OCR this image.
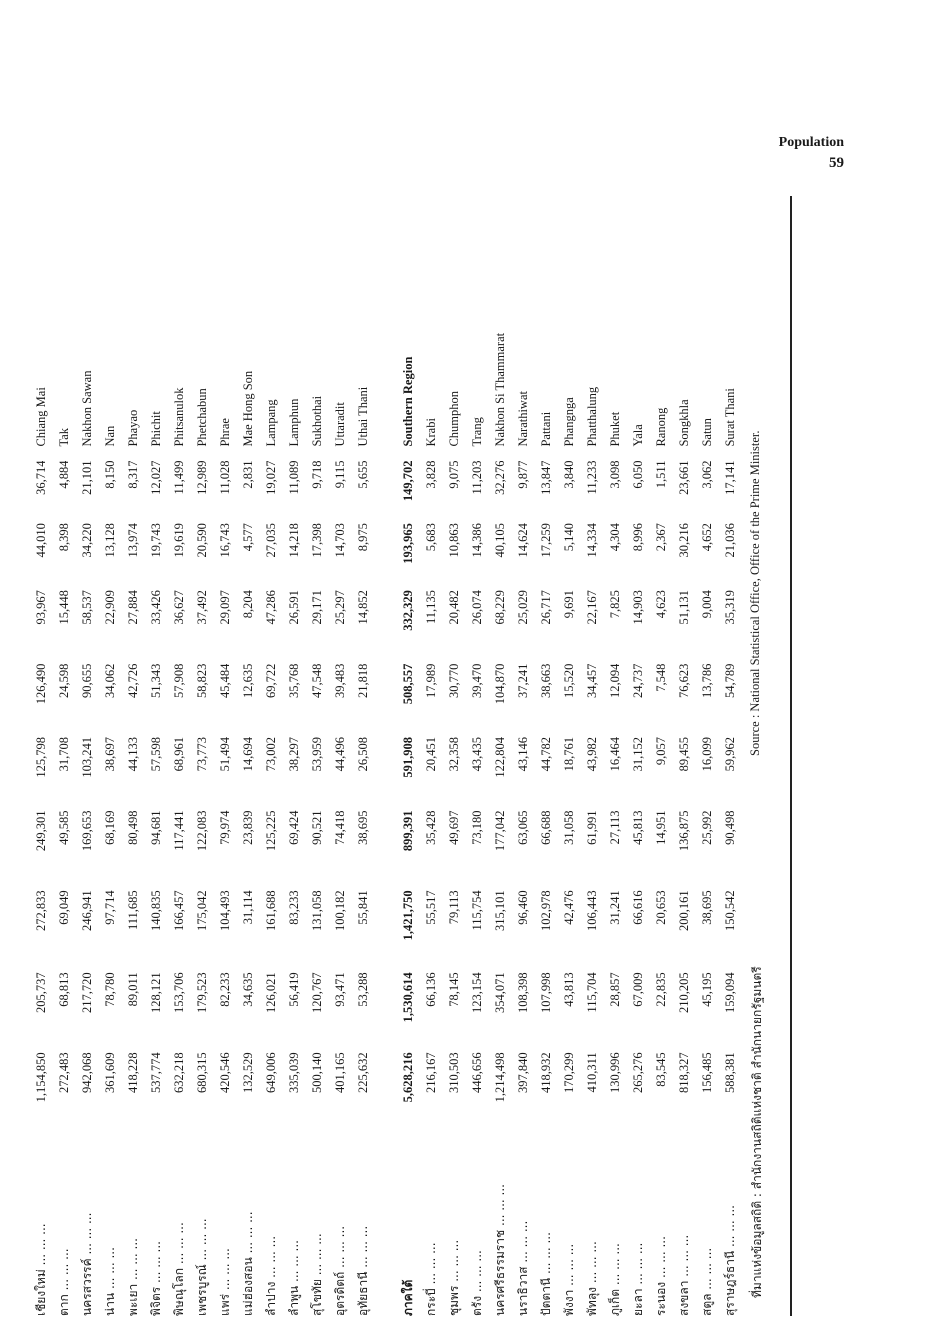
Population
59
เชียงใหม่ ... ... ...	1,154,850	205,737	272,833	249,301	125,798	126,490	93,967	44,010	36,714	Chiang Mai
ตาก ... ... ...	272,483	68,813	69,049	49,585	31,708	24,598	15,448	8,398	4,884	Tak
นครสวรรค์ ... ... ...	942,068	217,720	246,941	169,653	103,241	90,655	58,537	34,220	21,101	Nakhon Sawan
น่าน ... ... ...	361,609	78,780	97,714	68,169	38,697	34,062	22,909	13,128	8,150	Nan
พะเยา ... ... ...	418,228	89,011	111,685	80,498	44,133	42,726	27,884	13,974	8,317	Phayao
พิจิตร ... ... ...	537,774	128,121	140,835	94,681	57,598	51,343	33,426	19,743	12,027	Phichit
พิษณุโลก ... ... ...	632,218	153,706	166,457	117,441	68,961	57,908	36,627	19,619	11,499	Phitsanulok
เพชรบูรณ์ ... ... ...	680,315	179,523	175,042	122,083	73,773	58,823	37,492	20,590	12,989	Phetchabun
แพร่ ... ... ...	420,546	82,233	104,493	79,974	51,494	45,484	29,097	16,743	11,028	Phrae
แม่ฮ่องสอน ... ... ...	132,529	34,635	31,114	23,839	14,694	12,635	8,204	4,577	2,831	Mae Hong Son
ลำปาง ... ... ...	649,006	126,021	161,688	125,225	73,002	69,722	47,286	27,035	19,027	Lampang
ลำพูน ... ... ...	335,039	56,419	83,233	69,424	38,297	35,768	26,591	14,218	11,089	Lamphun
สุโขทัย ... ... ...	500,140	120,767	131,058	90,521	53,959	47,548	29,171	17,398	9,718	Sukhothai
อุตรดิตถ์ ... ... ...	401,165	93,471	100,182	74,418	44,496	39,483	25,297	14,703	9,115	Uttaradit
อุทัยธานี ... ... ...	225,632	53,288	55,841	38,695	26,508	21,818	14,852	8,975	5,655	Uthai Thani

ภาคใต้	5,628,216	1,530,614	1,421,750	899,391	591,908	508,557	332,329	193,965	149,702	Southern Region
กระบี่ ... ... ...	216,167	66,136	55,517	35,428	20,451	17,989	11,135	5,683	3,828	Krabi
ชุมพร ... ... ...	310,503	78,145	79,113	49,697	32,358	30,770	20,482	10,863	9,075	Chumphon
ตรัง ... ... ...	446,656	123,154	115,754	73,180	43,435	39,470	26,074	14,386	11,203	Trang
นครศรีธรรมราช ... ... ...	1,214,498	354,071	315,101	177,042	122,804	104,870	68,229	40,105	32,276	Nakhon Si Thammarat
นราธิวาส ... ... ...	397,840	108,398	96,460	63,065	43,146	37,241	25,029	14,624	9,877	Narathiwat
ปัตตานี ... ... ...	418,932	107,998	102,978	66,688	44,782	38,663	26,717	17,259	13,847	Pattani
พังงา ... ... ...	170,299	43,813	42,476	31,058	18,761	15,520	9,691	5,140	3,840	Phangnga
พัทลุง ... ... ...	410,311	115,704	106,443	61,991	43,982	34,457	22,167	14,334	11,233	Phatthalung
ภูเก็ต ... ... ...	130,996	28,857	31,241	27,113	16,464	12,094	7,825	4,304	3,098	Phuket
ยะลา ... ... ...	265,276	67,009	66,616	45,813	31,152	24,737	14,903	8,996	6,050	Yala
ระนอง ... ... ...	83,545	22,835	20,653	14,951	9,057	7,548	4,623	2,367	1,511	Ranong
สงขลา ... ... ...	818,327	210,205	200,161	136,875	89,455	76,623	51,131	30,216	23,661	Songkhla
สตูล ... ... ...	156,485	45,195	38,695	25,992	16,099	13,786	9,004	4,652	3,062	Satun
สุราษฎร์ธานี ... ... ...	588,381	159,094	150,542	90,498	59,962	54,789	35,319	21,036	17,141	Surat Thani
ที่มาแห่งข้อมูลสถิติ : สำนักงานสถิติแห่งชาติ สำนักนายกรัฐมนตรี
Source : National Statistical Office, Office of the Prime Minister.
